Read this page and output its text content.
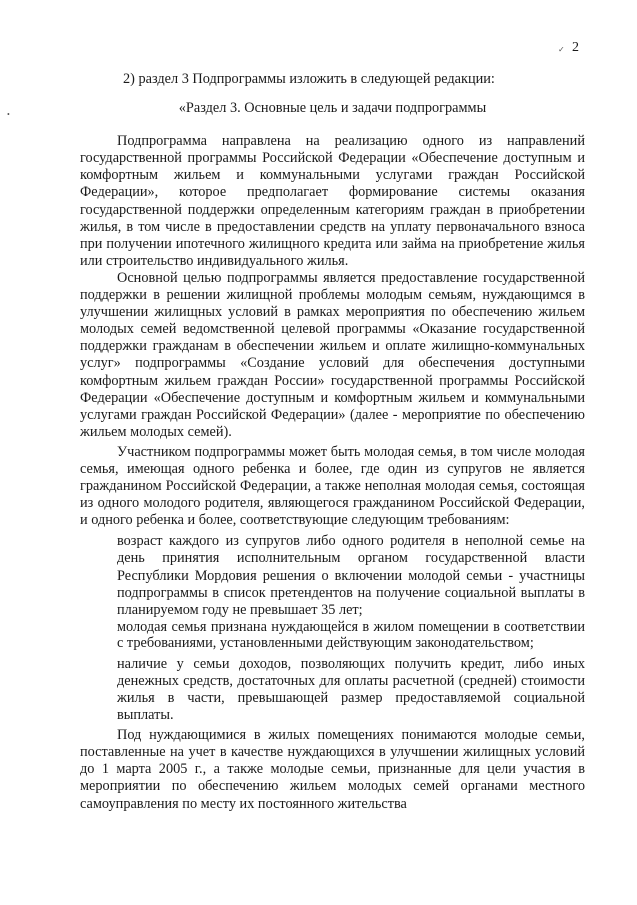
✓
•
2

2) раздел 3 Подпрограммы изложить в следующей редакции:

«Раздел 3. Основные цель и задачи подпрограммы

Подпрограмма направлена на реализацию одного из направлений государственной программы Российской Федерации «Обеспечение доступным и комфортным жильем и коммунальными услугами граждан Российской Федерации», которое предполагает формирование системы оказания государственной поддержки определенным категориям граждан в приобретении жилья, в том числе в предоставлении средств на уплату первоначального взноса при получении ипотечного жилищного кредита или займа на приобретение жилья или строительство индивидуального жилья.

Основной целью подпрограммы является предоставление государственной поддержки в решении жилищной проблемы молодым семьям, нуждающимся в улучшении жилищных условий в рамках мероприятия по обеспечению жильем молодых семей ведомственной целевой программы «Оказание государственной поддержки гражданам в обеспечении жильем и оплате жилищно-коммунальных услуг» подпрограммы «Создание условий для обеспечения доступными комфортным жильем граждан России» государственной программы Российской Федерации «Обеспечение доступным и комфортным жильем и коммунальными услугами граждан Российской Федерации» (далее - мероприятие по обеспечению жильем молодых семей).

Участником подпрограммы может быть молодая семья, в том числе молодая семья, имеющая одного ребенка и более, где один из супругов не является гражданином Российской Федерации, а также неполная молодая семья, состоящая из одного молодого родителя, являющегося гражданином Российской Федерации, и одного ребенка и более, соответствующие следующим требованиям:

возраст каждого из супругов либо одного родителя в неполной семье на день принятия исполнительным органом государственной власти Республики Мордовия решения о включении молодой семьи - участницы подпрограммы в список претендентов на получение социальной выплаты в планируемом году не превышает 35 лет;

молодая семья признана нуждающейся в жилом помещении в соответствии с требованиями, установленными действующим законодательством;

наличие у семьи доходов, позволяющих получить кредит, либо иных денежных средств, достаточных для оплаты расчетной (средней) стоимости жилья в части, превышающей размер предоставляемой социальной выплаты.

Под нуждающимися в жилых помещениях понимаются молодые семьи, поставленные на учет в качестве нуждающихся в улучшении жилищных условий до 1 марта 2005 г., а также молодые семьи, признанные для цели участия в мероприятии по обеспечению жильем молодых семей органами местного самоуправления по месту их постоянного жительства
